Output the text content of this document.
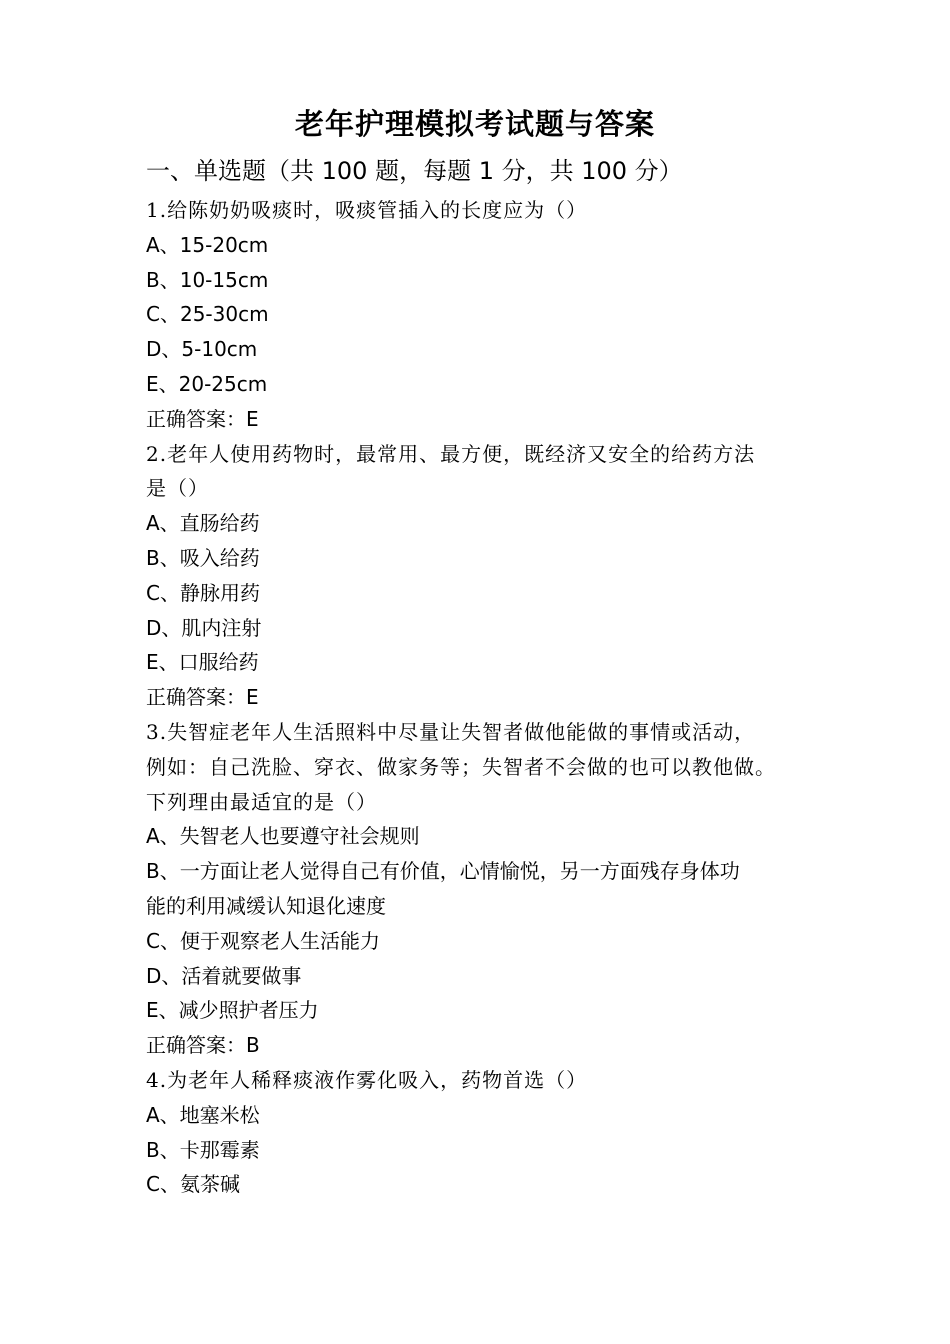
老年护理模拟考试题与答案
一、单选题（共 100 题，每题 1 分，共 100 分）
1.给陈奶奶吸痰时，吸痰管插入的长度应为（）
A、15-20cm
B、10-15cm
C、25-30cm
D、5-10cm
E、20-25cm
正确答案：E
2.老年人使用药物时，最常用、最方便，既经济又安全的给药方法
是（）
A、直肠给药
B、吸入给药
C、静脉用药
D、肌内注射
E、口服给药
正确答案：E
3.失智症老年人生活照料中尽量让失智者做他能做的事情或活动，
例如：自己洗脸、穿衣、做家务等；失智者不会做的也可以教他做。
下列理由最适宜的是（）
A、失智老人也要遵守社会规则
B、一方面让老人觉得自己有价值，心情愉悦，另一方面残存身体功
能的利用减缓认知退化速度
C、便于观察老人生活能力
D、活着就要做事
E、减少照护者压力
正确答案：B
4.为老年人稀释痰液作雾化吸入，药物首选（）
A、地塞米松
B、卡那霉素
C、氨茶碱
